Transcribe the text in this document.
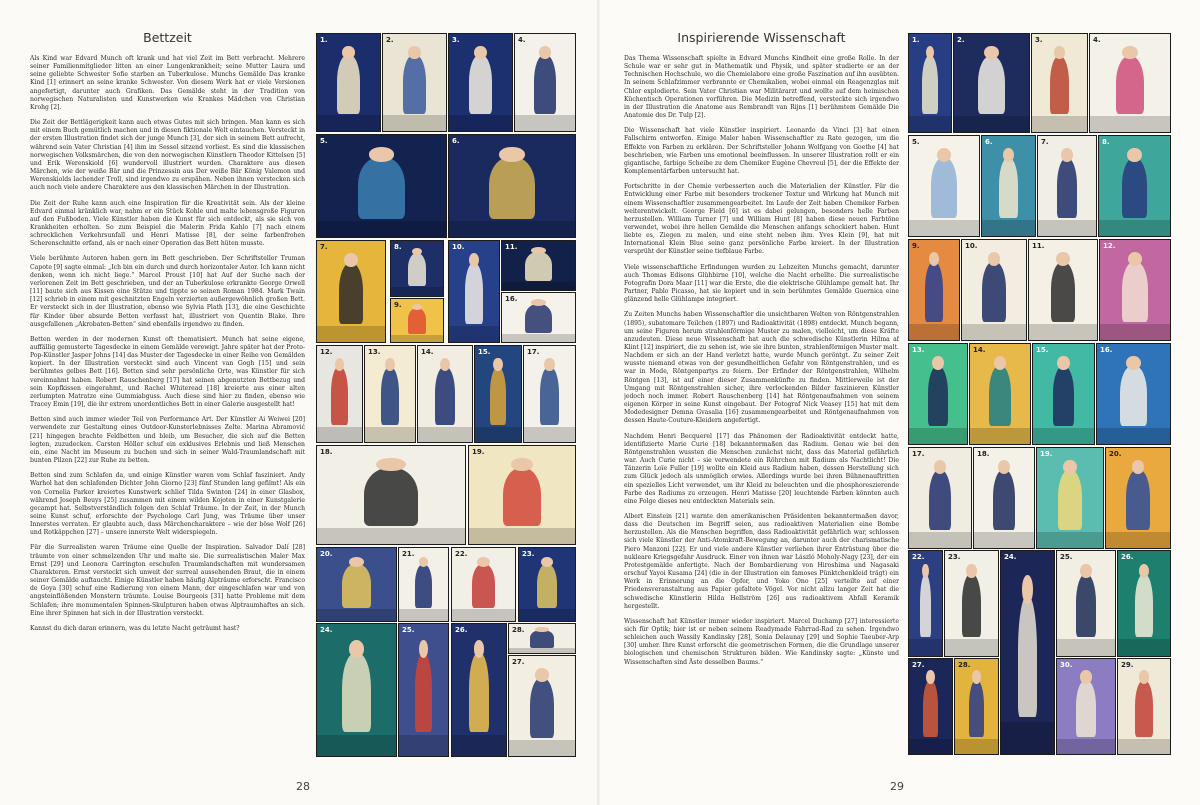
Bettzeit

Als Kind war Edvard Munch oft krank und hat viel Zeit im Bett verbracht. Mehrere seiner Familienmitglieder litten an einer Lungenkrankheit; seine Mutter Laura und seine geliebte Schwester Sofie starben an Tuberkulose. Munchs Gemälde Das kranke Kind [1] erinnert an seine kranke Schwester. Von diesem Werk hat er viele Versionen angefertigt, darunter auch Grafiken. Das Gemälde steht in der Tradition von norwegischen Naturalisten und Kunstwerken wie Krankes Mädchen von Christian Krohg [2].

Die Zeit der Bettlägerigkeit kann auch etwas Gutes mit sich bringen. Man kann es sich mit einem Buch gemütlich machen und in diesen fiktionale Welt eintauchen. Versteckt in der ersten Illustration findet sich der junge Munch [3], der sich in seinem Bett aufrecht, während sein Vater Christian [4] ihm im Sessel sitzend vorliest. Es sind die klassischen norwegischen Volksmärchen, die von den norwegischen Künstlern Theodor Kittelsen [5] und Erik Werenskiold [6] wundervoll illustriert wurden. Charaktere aus diesen Märchen, wie der weiße Bär und die Prinzessin aus Der weiße Bär König Valemon und Werenskiolds lachender Troll, sind irgendwo zu erspähen. Neben ihnen verstecken sich auch noch viele andere Charaktere aus den klassischen Märchen in der Illustration.

Die Zeit der Ruhe kann auch eine Inspiration für die Kreativität sein. Als der kleine Edvard einmal kränklich war, nahm er ein Stück Kohle und malte lebensgroße Figuren auf den Fußboden. Viele Künstler haben die Kunst für sich entdeckt, als sie sich von Krankheiten erholten. So zum Beispiel die Malerin Frida Kahlo [7] nach einem schrecklichen Verkehrsunfall und Henri Matisse [8], der seine farbenfrohen Scherenschnitte erfand, als er nach einer Operation das Bett hüten musste.

Viele berühmte Autoren haben gern im Bett geschrieben. Der Schriftsteller Truman Capote [9] sagte einmal: „Ich bin ein durch und durch horizontaler Autor. Ich kann nicht denken, wenn ich nicht liege.“ Marcel Proust [10] hat Auf der Suche nach der verlorenen Zeit im Bett geschrieben, und der an Tuberkulose erkrankte George Orwell [11] baute sich aus Kissen eine Stütze und tippte so seinen Roman 1984. Mark Twain [12] schrieb in einem mit geschnitzten Engeln verzierten außergewöhnlich großen Bett. Er versteckt sich in der Illustration, ebenso wie Sylvia Plath [13], die eine Geschichte für Kinder über absurde Betten verfasst hat, illustriert von Quentin Blake. Ihre ausgefallenen „Akrobaten-Betten“ sind ebenfalls irgendwo zu finden.

Betten werden in der modernen Kunst oft thematisiert. Munch hat seine eigene, auffällig gemusterte Tagesdecke in einem Gemälde verewigt. Jahre später hat der Proto-Pop-Künstler Jasper Johns [14] das Muster der Tagesdecke in einer Reihe von Gemälden kopiert. In der Illustration versteckt sind auch Vincent van Gogh [15] und sein berühmtes gelbes Bett [16]. Betten sind sehr persönliche Orte, was Künstler für sich vereinnahmt haben. Robert Rauschenberg [17] hat seinen abgenutzten Bettbezug und sein Kopfkissen eingerahmt, und Rachel Whiteread [18] kreierte aus einer alten zerlumpten Matratze eine Gummiabguss. Auch diese sind hier zu finden, ebenso wie Tracey Emin [19], die ihr extrem unordentliches Bett in einer Galerie ausgestellt hat!

Betten sind auch immer wieder Teil von Performance Art. Der Künstler Ai Weiwei [20] verwendete zur Gestaltung eines Outdoor-Kunsterlebnisses Zelte. Marina Abramović [21] hingegen brachte Feldbetten und bleib, um Besucher, die sich auf die Betten legten, zuzudecken. Carsten Höller schuf ein exklusives Erlebnis und ließ Menschen ein, eine Nacht im Museum zu buchen und sich in seiner Wald-Traumlandschaft mit bunten Pilzen [22] zur Ruhe zu betten.

Betten sind zum Schlafen da, und einige Künstler waren vom Schlaf fasziniert. Andy Warhol hat den schlafenden Dichter John Giorno [23] fünf Stunden lang gefilmt! Als ein von Cornelia Parker kreiertes Kunstwerk schlief Tilda Swinton [24] in einer Glasbox, während Joseph Beuys [25] zusammen mit einem wilden Kojoten in einer Kunstgalerie gecampt hat. Selbstverständlich folgen den Schlaf Träume. In der Zeit, in der Munch seine Kunst schuf, erforschte der Psychologe Carl Jung, was Träume über unser Innerstes verraten. Er glaubte auch, dass Märchencharaktere – wie der böse Wolf [26] und Rotkäppchen [27] – unsere innerste Welt widerspiegeln.

Für die Surrealisten waren Träume eine Quelle der Inspiration. Salvador Dalí [28] träumte von einer schmelzenden Uhr und malte sie. Die surrealistischen Maler Max Ernst [29] und Leonora Carrington erschufen Traumlandschaften mit wundersamen Charakteren. Ernst versteckt sich unweit der surreal aussehenden Braut, die in einem seiner Gemälde auftaucht. Einige Künstler haben häufig Alpträume erforscht. Francisco de Goya [30] schuf eine Radierung von einem Mann, der eingeschlafen war und von angsteinflößenden Monstern träumte. Louise Bourgeois [31] hatte Probleme mit dem Schlafen; ihre monumentalen Spinnen-Skulpturen haben etwas Alptraumhaftes an sich. Eine ihrer Spinnen hat sich in der Illustration versteckt.

Kannst du dich daran erinnern, was du letzte Nacht geträumt hast?

1.	2.	3.	4.
5.	6.
7.	8.
9.
10.	11.
12.	13.	14.	15.
16.
17.
18.	19.
20.	21.	22.	23.
24.	25.	26.
27.
28.
28
1.	2.	3.	4.
5.	6.	7.	8.
9.	10.	11.	12.
13.	14.	15.	16.
17.	18.	19.	20.
22.	23.	24.	25.	26.
27.	28.	29.
30.
Inspirierende Wissenschaft

Das Thema Wissenschaft spielte in Edvard Munchs Kindheit eine große Rolle. In der Schule war er sehr gut in Mathematik und Physik, und später studierte er an der Technischen Hochschule, wo die Chemielabore eine große Faszination auf ihn ausübten. In seinem Schlafzimmer verbrannte er Chemikalien, wobei einmal ein Reagenzglas mit Chlor explodierte. Sein Vater Christian war Militärarzt und wollte auf dem heimischen Küchentisch Operationen vorführen. Die Medizin betreffend, versteckte sich irgendwo in der Illustration die Anatome aus Rembrandt van Rijns [1] berühmtem Gemälde Die Anatomie des Dr. Tulp [2].

Die Wissenschaft hat viele Künstler inspiriert. Leonardo da Vinci [3] hat einen Fallschirm entworfen. Einige Maler haben Wissenschaftler zu Rate gezogen, um die Effekte von Farben zu erklären. Der Schriftsteller Johann Wolfgang von Goethe [4] hat beschrieben, wie Farben uns emotional beeinflussen. In unserer Illustration rollt er ein gigantische, farbige Scheibe zu dem Chemiker Eugène Chevreul [5], der die Effekte der Komplementärfarben untersucht hat.

Fortschritte in der Chemie verbesserten auch die Materialien der Künstler. Für die Entwicklung einer Farbe mit besonders trockener Textur und Wirkung hat Munch mit einem Wissenschaftler zusammengearbeitet. Im Laufe der Zeit haben Chemiker Farben weiterentwickelt. George Field [6] ist es dabei gelungen, besonders helle Farben herzustellen. William Turner [7] und William Hunt [8] haben diese neuen Farbtöne verwendet, wobei ihre hellen Gemälde die Menschen anfangs schockiert haben. Hunt liebte es, Ziegen zu malen, und eine steht neben ihm. Yves Klein [9], hat mit International Klein Blue seine ganz persönliche Farbe kreiert. In der Illustration versprüht der Künstler seine tiefblaue Farbe.

Viele wissenschaftliche Erfindungen wurden zu Lebzeiten Munchs gemacht, darunter auch Thomas Edisons Glühbirne [10], welche die Nacht erhellte. Die surrealistische Fotografin Dora Maar [11] war die Erste, die die elektrische Glühlampe gemalt hat. Ihr Partner, Pablo Picasso, hat sie kopiert und in sein berühmtes Gemälde Guernica eine glänzend helle Glühlampe integriert.

Zu Zeiten Munchs haben Wissenschaftler die unsichtbaren Welten von Röntgenstrahlen (1895), subatomare Teilchen (1897) und Radioaktivität (1898) entdeckt. Munch begann, um seine Figuren herum strahlenförmige Muster zu malen, vielleicht, um diese Kräfte anzudeuten. Diese neue Wissenschaft hat auch die schwedische Künstlerin Hilma af Klint [12] inspiriert, die zu sehen ist, wie sie ihre bunten, strahlenförmigen Muster malt. Nachdem er sich an der Hand verletzt hatte, wurde Munch geröntgt. Zu seiner Zeit wusste niemand etwas von der gesundheitlichen Gefahr von Röntgenstrahlen, und es war in Mode, Röntgenpartys zu feiern. Der Erfinder der Röntgenstrahlen, Wilhelm Röntgen [13], ist auf einer dieser Zusammenkünfte zu finden. Mittlerweile ist der Umgang mit Röntgenstrahlen sicher, ihre verlockenden Bilder faszinieren Künstler jedoch noch immer. Robert Rauschenberg [14] hat Röntgenaufnahmen von seinem eigenen Körper in seine Kunst eingebaut. Der Fotograf Nick Veasey [15] hat mit dem Modedesigner Demna Gvasalia [16] zusammengearbeitet und Röntgenaufnahmen von dessen Haute-Couture-Kleidern angefertigt.

Nachdem Henri Becquerel [17] das Phänomen der Radioaktivität entdeckt hatte, identifizierte Marie Curie [18] bekanntermaßen das Radium. Genau wie bei den Röntgenstrahlen wussten die Menschen zunächst nicht, dass das Material gefährlich war. Auch Curie nicht – sie verwendete ein Röhrchen mit Radium als Nachtlicht! Die Tänzerin Loïe Fuller [19] wollte ein Kleid aus Radium haben, dessen Herstellung sich zum Glück jedoch als unmöglich erwies. Allerdings wurde bei ihren Bühnenauftritten ein spezielles Licht verwendet, um ihr Kleid zu beleuchten und die phosphoreszierende Farbe des Radiums zu erzeugen. Henri Matisse [20] leuchtende Farben könnten auch eine Folge dieses neu entdeckten Materials sein.

Albert Einstein [21] warnte den amerikanischen Präsidenten bekanntermaßen davor, dass die Deutschen im Begriff seien, aus radioaktiven Materialien eine Bombe herzustellen. Als die Menschen begriffen, dass Radioaktivität gefährlich war, schlossen sich viele Künstler der Anti-Atomkraft-Bewegung an, darunter auch der charismatische Piero Manzoni [22]. Er und viele andere Künstler verliehen ihrer Entrüstung über die nukleare Kriegsgefahr Ausdruck. Einer von ihnen war László Moholy-Nagy [23], der ein Protestgemälde anfertigte. Nach der Bombardierung von Hiroshima und Nagasaki erschuf Yayoi Kusama [24] (die in der Illustration ein famoses Pünktchenkleid trägt) ein Werk in Erinnerung an die Opfer, und Yoko Ono [25] verteilte auf einer Friedensveranstaltung aus Papier gefaltete Vögel. Vor nicht allzu langer Zeit hat die schwedische Künstlerin Hilda Hellström [26] aus radioaktivem Abfall Keramik hergestellt.

Wissenschaft hat Künstler immer wieder inspiriert. Marcel Duchamp [27] interessierte sich für Optik; hier ist er neben seinem Readymade Fahrrad-Rad zu sehen. Irgendwo schleichen auch Wassily Kandinsky [28], Sonia Delaunay [29] und Sophie Taeuber-Arp [30] umher. Ihre Kunst erforscht die geometrischen Formen, die die Grundlage unserer biologischen und chemischen Strukturen bilden. Wie Kandinsky sagte: „Künste und Wissenschaften sind Äste desselben Baums.“

29
